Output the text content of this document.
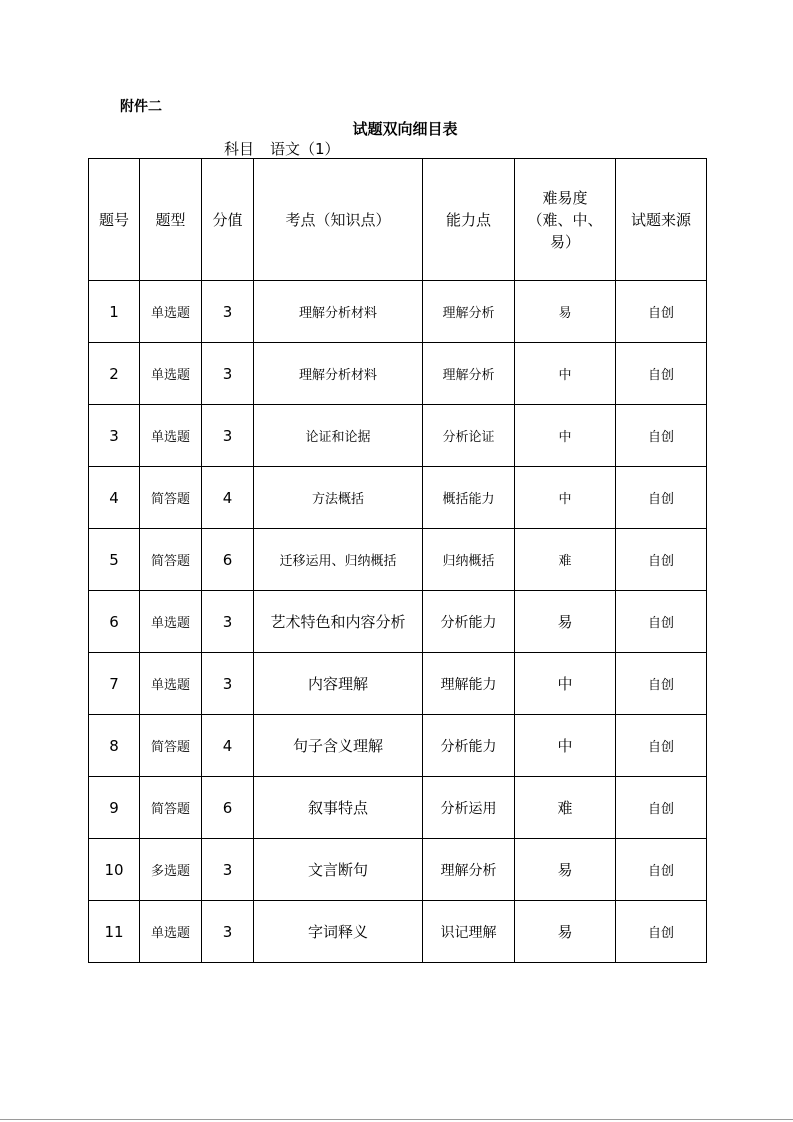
附件二
试题双向细目表
科目 语文（1）
题号	题型	分值	考点（知识点）	能力点	难易度（难、中、易）	试题来源
1	单选题	3	理解分析材料	理解分析	易	自创
2	单选题	3	理解分析材料	理解分析	中	自创
3	单选题	3	论证和论据	分析论证	中	自创
4	简答题	4	方法概括	概括能力	中	自创
5	简答题	6	迁移运用、归纳概括	归纳概括	难	自创
6	单选题	3	艺术特色和内容分析	分析能力	易	自创
7	单选题	3	内容理解	理解能力	中	自创
8	简答题	4	句子含义理解	分析能力	中	自创
9	简答题	6	叙事特点	分析运用	难	自创
10	多选题	3	文言断句	理解分析	易	自创
11	单选题	3	字词释义	识记理解	易	自创
